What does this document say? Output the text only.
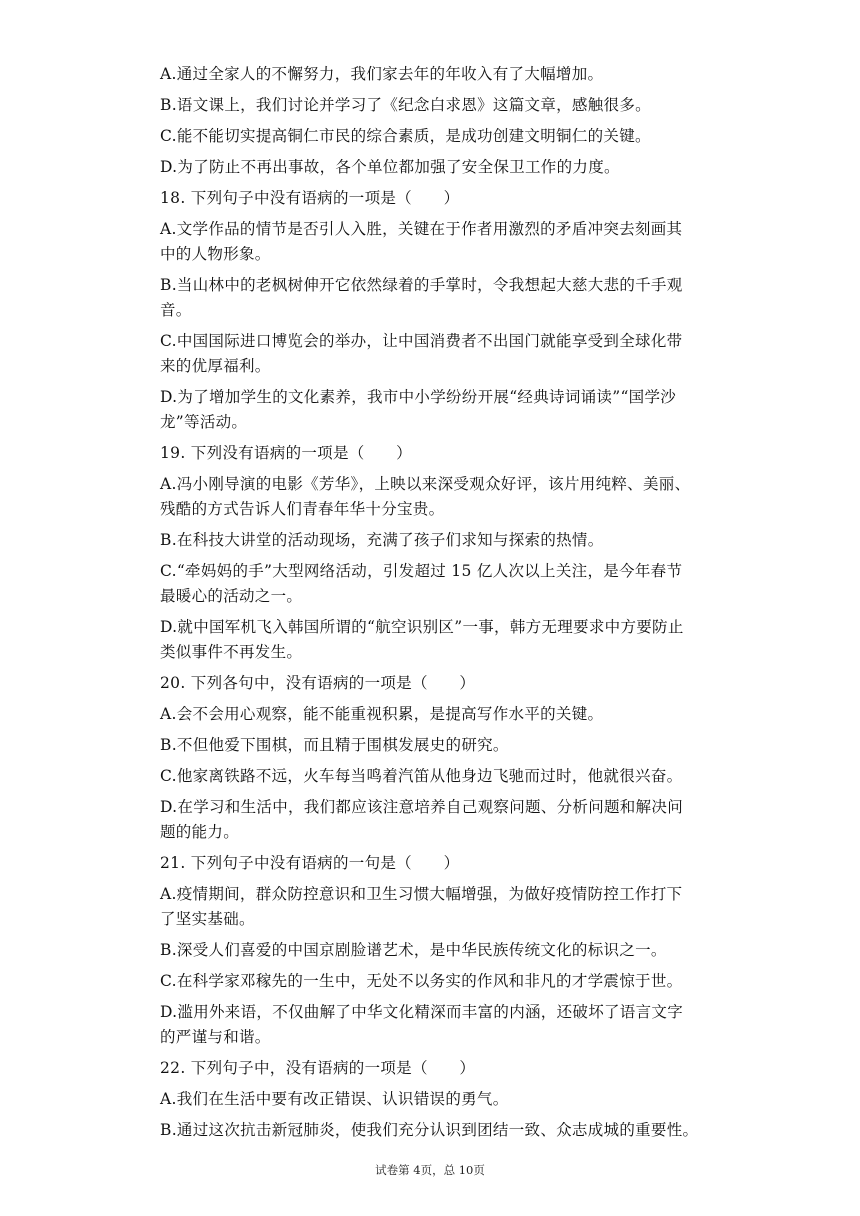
A.通过全家人的不懈努力，我们家去年的年收入有了大幅增加。
B.语文课上，我们讨论并学习了《纪念白求恩》这篇文章，感触很多。
C.能不能切实提高铜仁市民的综合素质，是成功创建文明铜仁的关键。
D.为了防止不再出事故，各个单位都加强了安全保卫工作的力度。
18. 下列句子中没有语病的一项是（　　）
A.文学作品的情节是否引人入胜，关键在于作者用激烈的矛盾冲突去刻画其
中的人物形象。
B.当山林中的老枫树伸开它依然绿着的手掌时，令我想起大慈大悲的千手观
音。
C.中国国际进口博览会的举办，让中国消费者不出国门就能享受到全球化带
来的优厚福利。
D.为了增加学生的文化素养，我市中小学纷纷开展“经典诗词诵读”“国学沙
龙”等活动。
19. 下列没有语病的一项是（　　）
A.冯小刚导演的电影《芳华》，上映以来深受观众好评，该片用纯粹、美丽、
残酷的方式告诉人们青春年华十分宝贵。
B.在科技大讲堂的活动现场，充满了孩子们求知与探索的热情。
C.“牵妈妈的手”大型网络活动，引发超过 15 亿人次以上关注，是今年春节
最暖心的活动之一。
D.就中国军机飞入韩国所谓的“航空识别区”一事，韩方无理要求中方要防止
类似事件不再发生。
20. 下列各句中，没有语病的一项是（　　）
A.会不会用心观察，能不能重视积累，是提高写作水平的关键。
B.不但他爱下围棋，而且精于围棋发展史的研究。
C.他家离铁路不远，火车每当鸣着汽笛从他身边飞驰而过时，他就很兴奋。
D.在学习和生活中，我们都应该注意培养自己观察问题、分析问题和解决问
题的能力。
21. 下列句子中没有语病的一句是（　　）
A.疫情期间，群众防控意识和卫生习惯大幅增强，为做好疫情防控工作打下
了坚实基础。
B.深受人们喜爱的中国京剧脸谱艺术，是中华民族传统文化的标识之一。
C.在科学家邓稼先的一生中，无处不以务实的作风和非凡的才学震惊于世。
D.滥用外来语，不仅曲解了中华文化精深而丰富的内涵，还破坏了语言文字
的严谨与和谐。
22. 下列句子中，没有语病的一项是（　　）
A.我们在生活中要有改正错误、认识错误的勇气。
B.通过这次抗击新冠肺炎，使我们充分认识到团结一致、众志成城的重要性。
试卷第 4页，总 10页
